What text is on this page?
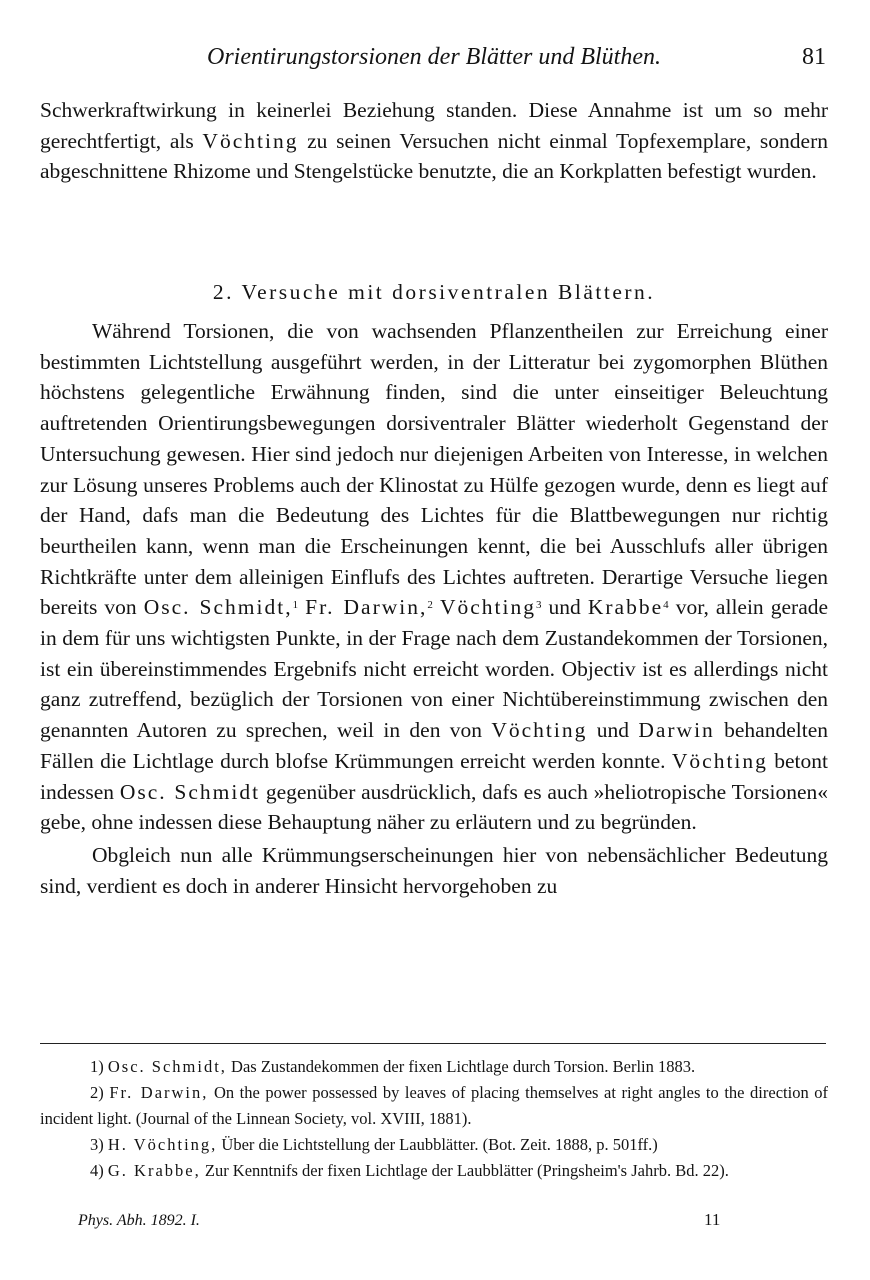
Orientirungstorsionen der Blätter und Blüthen.	81

Schwerkraftwirkung in keinerlei Beziehung standen. Diese Annahme ist um so mehr gerechtfertigt, als Vöchting zu seinen Versuchen nicht einmal Topfexemplare, sondern abgeschnittene Rhizome und Stengelstücke benutzte, die an Korkplatten befestigt wurden.

2. Versuche mit dorsiventralen Blättern.

Während Torsionen, die von wachsenden Pflanzentheilen zur Erreichung einer bestimmten Lichtstellung ausgeführt werden, in der Litteratur bei zygomorphen Blüthen höchstens gelegentliche Erwähnung finden, sind die unter einseitiger Beleuchtung auftretenden Orientirungsbewegungen dorsiventraler Blätter wiederholt Gegenstand der Untersuchung gewesen. Hier sind jedoch nur diejenigen Arbeiten von Interesse, in welchen zur Lösung unseres Problems auch der Klinostat zu Hülfe gezogen wurde, denn es liegt auf der Hand, dafs man die Bedeutung des Lichtes für die Blattbewegungen nur richtig beurtheilen kann, wenn man die Erscheinungen kennt, die bei Ausschlufs aller übrigen Richtkräfte unter dem alleinigen Einflufs des Lichtes auftreten. Derartige Versuche liegen bereits von Osc. Schmidt,$^1$ Fr. Darwin,$^2$ Vöchting$^3$ und Krabbe$^4$ vor, allein gerade in dem für uns wichtigsten Punkte, in der Frage nach dem Zustandekommen der Torsionen, ist ein übereinstimmendes Ergebnifs nicht erreicht worden. Objectiv ist es allerdings nicht ganz zutreffend, bezüglich der Torsionen von einer Nichtübereinstimmung zwischen den genannten Autoren zu sprechen, weil in den von Vöchting und Darwin behandelten Fällen die Lichtlage durch blofse Krümmungen erreicht werden konnte. Vöchting betont indessen Osc. Schmidt gegenüber ausdrücklich, dafs es auch »heliotropische Torsionen« gebe, ohne indessen diese Behauptung näher zu erläutern und zu begründen.

Obgleich nun alle Krümmungserscheinungen hier von nebensächlicher Bedeutung sind, verdient es doch in anderer Hinsicht hervorgehoben zu

1) Osc. Schmidt, Das Zustandekommen der fixen Lichtlage durch Torsion. Berlin 1883.

2) Fr. Darwin, On the power possessed by leaves of placing themselves at right angles to the direction of incident light. (Journal of the Linnean Society, vol. XVIII, 1881).

3) H. Vöchting, Über die Lichtstellung der Laubblätter. (Bot. Zeit. 1888, p. 501ff.)

4) G. Krabbe, Zur Kenntnifs der fixen Lichtlage der Laubblätter (Pringsheim's Jahrb. Bd. 22).

Phys. Abh. 1892. I.	11
